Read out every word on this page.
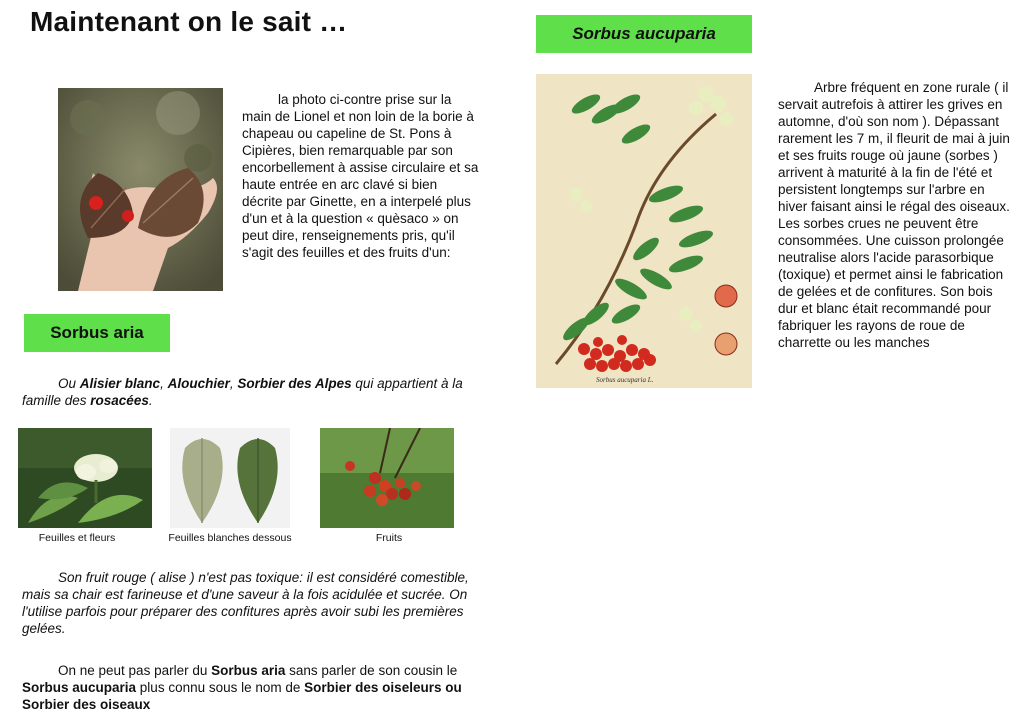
Maintenant on le sait …
la photo ci-contre prise sur la main de Lionel et non loin de la borie à chapeau ou capeline de St. Pons à Cipières, bien remarquable par son encorbellement à assise circulaire et sa haute entrée en arc clavé si bien décrite par Ginette, en a interpelé plus d'un et à la question « quèsaco » on peut dire, renseignements pris, qu'il s'agit des feuilles et des fruits d'un:
Sorbus aria
Ou Alisier blanc, Alouchier, Sorbier des Alpes qui appartient à la famille des rosacées.
Feuilles et fleurs	Feuilles blanches dessous	Fruits
Son fruit rouge ( alise ) n'est pas toxique: il est considéré comestible, mais sa chair est farineuse et d'une saveur à la fois acidulée et sucrée. On l'utilise parfois pour préparer des confitures après avoir subi les premières gelées.
On ne peut pas parler du Sorbus aria sans parler de son cousin le Sorbus aucuparia plus connu sous le nom de Sorbier des oiseleurs ou Sorbier des oiseaux
Sorbus aucuparia
Sorbus aucuparia L.
Arbre fréquent en zone rurale ( il servait autrefois à attirer les grives en automne, d'où son nom ). Dépassant rarement les 7 m, il fleurit de mai à juin et ses fruits rouge où jaune (sorbes ) arrivent à maturité à la fin de l'été et persistent longtemps sur l'arbre en hiver faisant ainsi le régal des oiseaux. Les sorbes crues ne peuvent être consommées. Une cuisson prolongée neutralise alors l'acide parasorbique (toxique) et permet ainsi le fabrication de gelées et de confitures. Son bois dur et blanc était recommandé pour fabriquer les rayons de roue de charrette ou les manches
